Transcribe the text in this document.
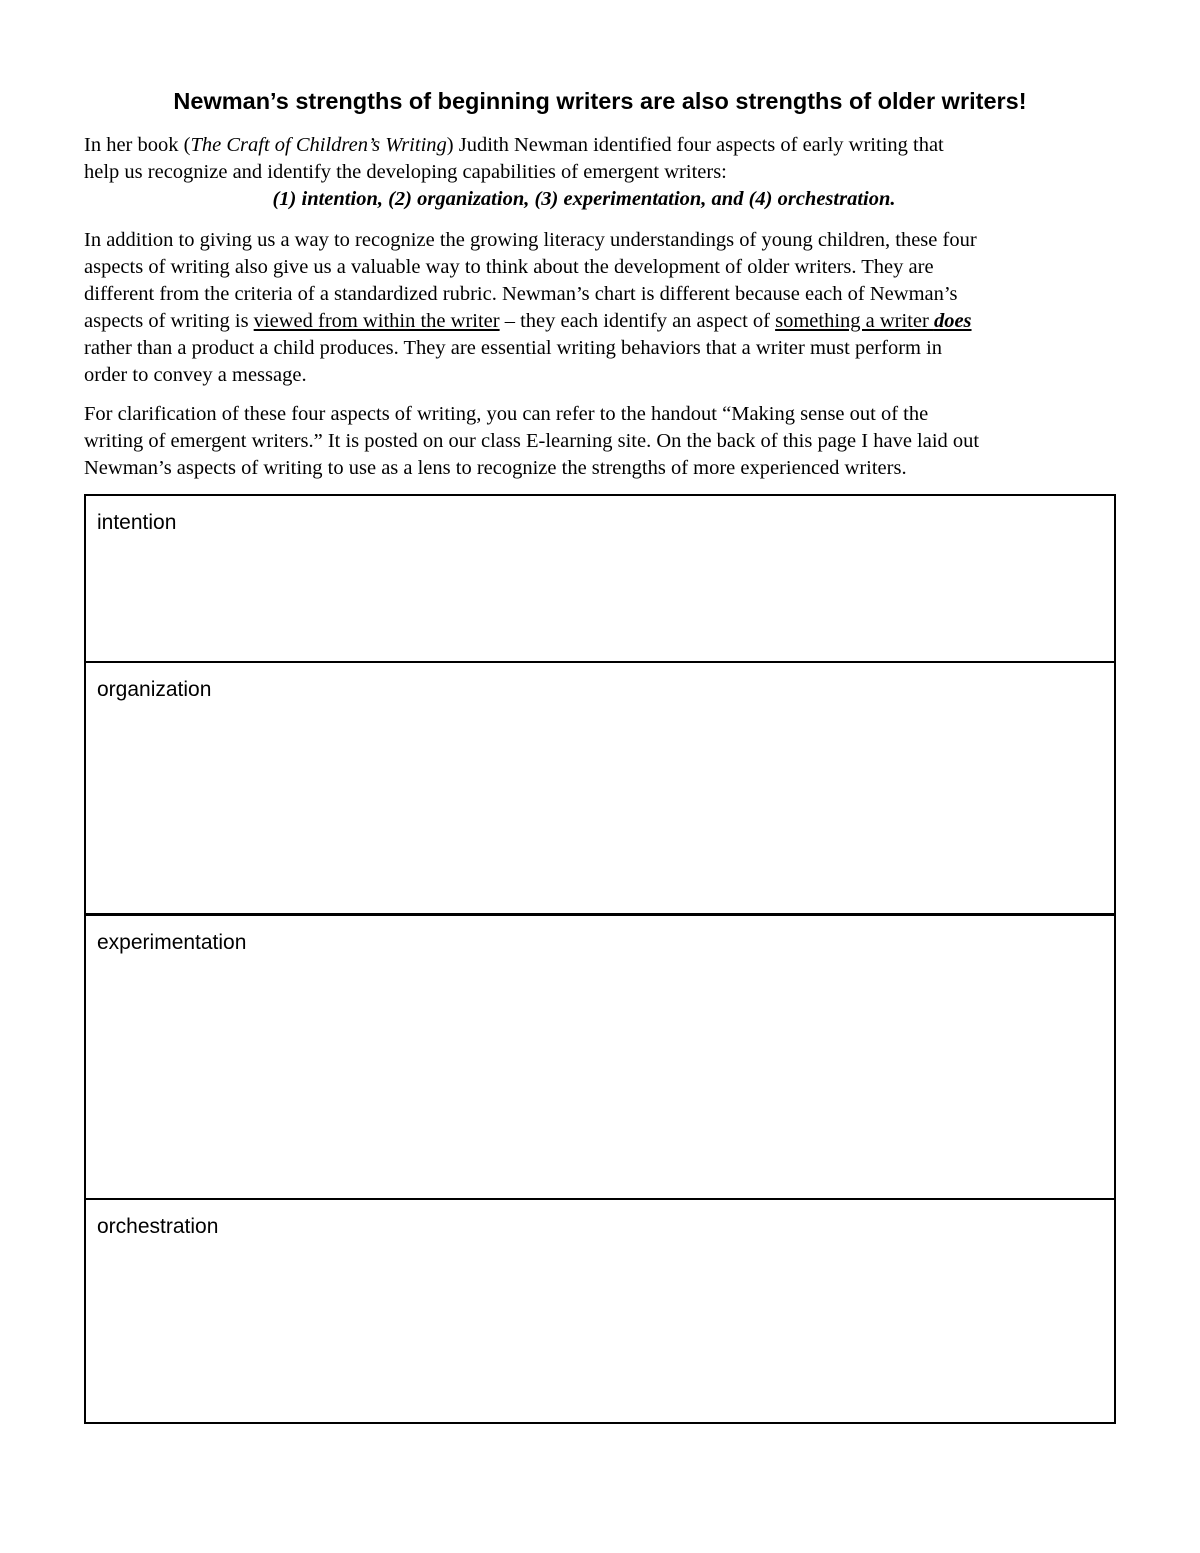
Newman’s strengths of beginning writers are also strengths of older writers!
In her book (The Craft of Children’s Writing) Judith Newman identified four aspects of early writing that
help us recognize and identify the developing capabilities of emergent writers:
(1) intention, (2) organization, (3) experimentation, and (4) orchestration.
In addition to giving us a way to recognize the growing literacy understandings of young children, these four
aspects of writing also give us a valuable way to think about the development of older writers. They are
different from the criteria of a standardized rubric. Newman’s chart is different because each of Newman’s
aspects of writing is viewed from within the writer – they each identify an aspect of something a writer does
rather than a product a child produces. They are essential writing behaviors that a writer must perform in
order to convey a message.
For clarification of these four aspects of writing, you can refer to the handout “Making sense out of the
writing of emergent writers.” It is posted on our class E-learning site. On the back of this page I have laid out
Newman’s aspects of writing to use as a lens to recognize the strengths of more experienced writers.
intention
organization
experimentation
orchestration
